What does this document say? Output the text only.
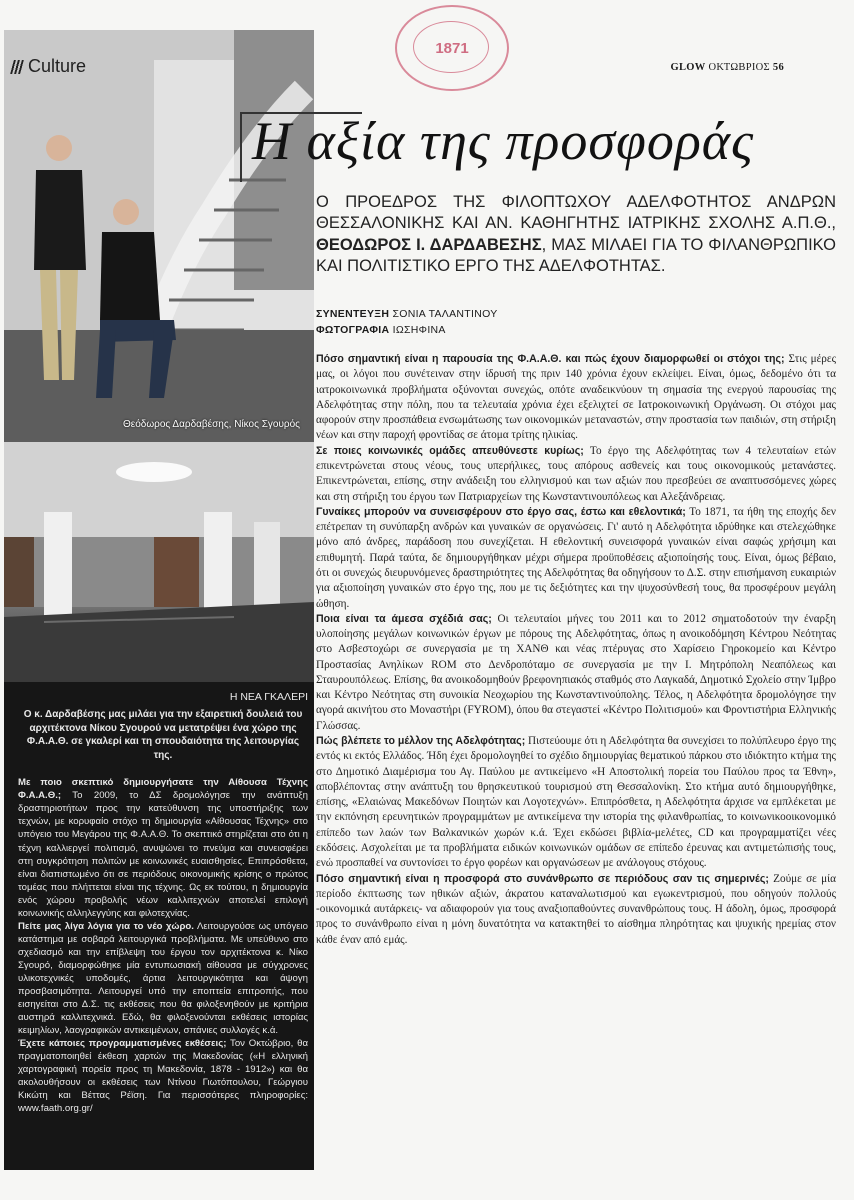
Culture
Θεόδωρος Δαρδαβέσης, Νίκος Σγουρός
Η ΝΕΑ ΓΚΑΛΕΡΙ
Ο κ. Δαρδαβέσης μας μιλάει για την εξαιρετική δουλειά του αρχιτέκτονα Νίκου Σγουρού να μετατρέψει ένα χώρο της Φ.Α.Α.Θ. σε γκαλερί και τη σπουδαιότητα της λειτουργίας της.

Με ποιο σκεπτικό δημιουργήσατε την Αίθουσα Τέχνης Φ.Α.Α.Θ.; Το 2009, το ΔΣ δρομολόγησε την ανάπτυξη δραστηριοτήτων προς την κατεύθυνση της υποστήριξης των τεχνών, με κορυφαίο στόχο τη δημιουργία «Αίθουσας Τέχνης» στο υπόγειο του Μεγάρου της Φ.Α.Α.Θ. Το σκεπτικό στηρίζεται στο ότι η τέχνη καλλιεργεί πολιτισμό, ανυψώνει το πνεύμα και συνεισφέρει στη συγκρότηση πολιτών με κοινωνικές ευαισθησίες. Επιπρόσθετα, είναι διαπιστωμένο ότι σε περιόδους οικονομικής κρίσης ο πρώτος τομέας που πλήττεται είναι της τέχνης. Ως εκ τούτου, η δημιουργία ενός χώρου προβολής νέων καλλιτεχνών αποτελεί επιλογή κοινωνικής αλληλεγγύης και φιλοτεχνίας.

Πείτε μας λίγα λόγια για το νέο χώρο. Λειτουργούσε ως υπόγειο κατάστημα με σοβαρά λειτουργικά προβλήματα. Με υπεύθυνο στο σχεδιασμό και την επίβλεψη του έργου τον αρχιτέκτονα κ. Νίκο Σγουρό, διαμορφώθηκε μία εντυπωσιακή αίθουσα με σύγχρονες υλικοτεχνικές υποδομές, άρτια λειτουργικότητα και άψογη προσβασιμότητα. Λειτουργεί υπό την εποπτεία επιτροπής, που εισηγείται στο Δ.Σ. τις εκθέσεις που θα φιλοξενηθούν με κριτήρια αυστηρά καλλιτεχνικά. Εδώ, θα φιλοξενούνται εκθέσεις ιστορίας κειμηλίων, λαογραφικών αντικειμένων, σπάνιες συλλογές κ.ά.

Έχετε κάποιες προγραμματισμένες εκθέσεις; Τον Οκτώβριο, θα πραγματοποιηθεί έκθεση χαρτών της Μακεδονίας («Η ελληνική χαρτογραφική πορεία προς τη Μακεδονία, 1878 - 1912») και θα ακολουθήσουν οι εκθέσεις των Ντίνου Γιωτόπουλου, Γεώργιου Κικώτη και Βέττας Ρέϊση. Για περισσότερες πληροφορίες: www.faath.org.gr/

1871
GLOW ΟΚΤΩΒΡΙΟΣ 56
Η αξία της προσφοράς
Ο ΠΡΟΕΔΡΟΣ ΤΗΣ ΦΙΛΟΠΤΩΧΟΥ ΑΔΕΛΦΟΤΗΤΟΣ ΑΝΔΡΩΝ ΘΕΣΣΑΛΟΝΙΚΗΣ ΚΑΙ ΑΝ. ΚΑΘΗΓΗΤΗΣ ΙΑΤΡΙΚΗΣ ΣΧΟΛΗΣ Α.Π.Θ., ΘΕΟΔΩΡΟΣ Ι. ΔΑΡΔΑΒΕΣΗΣ, ΜΑΣ ΜΙΛΑΕΙ ΓΙΑ ΤΟ ΦΙΛΑΝΘΡΩΠΙΚΟ ΚΑΙ ΠΟΛΙΤΙΣΤΙΚΟ ΕΡΓΟ ΤΗΣ ΑΔΕΛΦΟΤΗΤΑΣ.
ΣΥΝΕΝΤΕΥΞΗ ΣΟΝΙΑ ΤΑΛΑΝΤΙΝΟΥ
ΦΩΤΟΓΡΑΦΙΑ ΙΩΣΗΦΙΝΑ

Πόσο σημαντική είναι η παρουσία της Φ.Α.Α.Θ. και πώς έχουν διαμορφωθεί οι στόχοι της; Στις μέρες μας, οι λόγοι που συνέτειναν στην ίδρυσή της πριν 140 χρόνια έχουν εκλείψει. Είναι, όμως, δεδομένο ότι τα ιατροκοινωνικά προβλήματα οξύνονται συνεχώς, οπότε αναδεικνύουν τη σημασία της ενεργού παρουσίας της Αδελφότητας στην πόλη, που τα τελευταία χρόνια έχει εξελιχτεί σε Ιατροκοινωνική Οργάνωση. Οι στόχοι μας αφορούν στην προσπάθεια ενσωμάτωσης των οικονομικών μεταναστών, στην προστασία των παιδιών, στη στήριξη νέων και στην παροχή φροντίδας σε άτομα τρίτης ηλικίας.

Σε ποιες κοινωνικές ομάδες απευθύνεστε κυρίως; Το έργο της Αδελφότητας των 4 τελευταίων ετών επικεντρώνεται στους νέους, τους υπερήλικες, τους απόρους ασθενείς και τους οικονομικούς μετανάστες. Επικεντρώνεται, επίσης, στην ανάδειξη του ελληνισμού και των αξιών που πρεσβεύει σε αναπτυσσόμενες χώρες και στη στήριξη του έργου των Πατριαρχείων της Κωνσταντινουπόλεως και Αλεξάνδρειας.

Γυναίκες μπορούν να συνεισφέρουν στο έργο σας, έστω και εθελοντικά; Το 1871, τα ήθη της εποχής δεν επέτρεπαν τη συνύπαρξη ανδρών και γυναικών σε οργανώσεις. Γι' αυτό η Αδελφότητα ιδρύθηκε και στελεχώθηκε μόνο από άνδρες, παράδοση που συνεχίζεται. Η εθελοντική συνεισφορά γυναικών είναι σαφώς χρήσιμη και επιθυμητή. Παρά ταύτα, δε δημιουργήθηκαν μέχρι σήμερα προϋποθέσεις αξιοποίησής τους. Είναι, όμως βέβαιο, ότι οι συνεχώς διευρυνόμενες δραστηριότητες της Αδελφότητας θα οδηγήσουν το Δ.Σ. στην επισήμανση ευκαιριών για αξιοποίηση γυναικών στο έργο της, που με τις δεξιότητες και την ψυχοσύνθεσή τους, θα προσφέρουν μεγάλη ώθηση.

Ποια είναι τα άμεσα σχέδιά σας; Οι τελευταίοι μήνες του 2011 και το 2012 σηματοδοτούν την έναρξη υλοποίησης μεγάλων κοινωνικών έργων με πόρους της Αδελφότητας, όπως η ανοικοδόμηση Κέντρου Νεότητας στο Ασβεστοχώρι σε συνεργασία με τη ΧΑΝΘ και νέας πτέρυγας στο Χαρίσειο Γηροκομείο και Κέντρο Προστασίας Ανηλίκων ROM στο Δενδροπόταμο σε συνεργασία με την Ι. Μητρόπολη Νεαπόλεως και Σταυρουπόλεως. Επίσης, θα ανοικοδομηθούν βρεφονηπιακός σταθμός στο Λαγκαδά, Δημοτικό Σχολείο στην Ίμβρο και Κέντρο Νεότητας στη συνοικία Νεοχωρίου της Κωνσταντινούπολης. Τέλος, η Αδελφότητα δρομολόγησε την αγορά ακινήτου στο Μοναστήρι (FYROM), όπου θα στεγαστεί «Κέντρο Πολιτισμού» και Φροντιστήρια Ελληνικής Γλώσσας.

Πώς βλέπετε το μέλλον της Αδελφότητας; Πιστεύουμε ότι η Αδελφότητα θα συνεχίσει το πολύπλευρο έργο της εντός κι εκτός Ελλάδος. Ήδη έχει δρομολογηθεί το σχέδιο δημιουργίας θεματικού πάρκου στο ιδιόκτητο κτήμα της στο Δημοτικό Διαμέρισμα του Αγ. Παύλου με αντικείμενο «Η Αποστολική πορεία του Παύλου προς τα Έθνη», αποβλέποντας στην ανάπτυξη του θρησκευτικού τουρισμού στη Θεσσαλονίκη. Στο κτήμα αυτό δημιουργήθηκε, επίσης, «Ελαιώνας Μακεδόνων Ποιητών και Λογοτεχνών». Επιπρόσθετα, η Αδελφότητα άρχισε να εμπλέκεται με την εκπόνηση ερευνητικών προγραμμάτων με αντικείμενα την ιστορία της φιλανθρωπίας, το κοινωνικοοικονομικό επίπεδο των λαών των Βαλκανικών χωρών κ.ά. Έχει εκδώσει βιβλία-μελέτες, CD και προγραμματίζει νέες εκδόσεις. Ασχολείται με τα προβλήματα ειδικών κοινωνικών ομάδων σε επίπεδο έρευνας και αντιμετώπισής τους, ενώ προσπαθεί να συντονίσει το έργο φορέων και οργανώσεων με ανάλογους στόχους.

Πόσο σημαντική είναι η προσφορά στο συνάνθρωπο σε περιόδους σαν τις σημερινές; Ζούμε σε μία περίοδο έκπτωσης των ηθικών αξιών, άκρατου καταναλωτισμού και εγωκεντρισμού, που οδηγούν πολλούς -οικονομικά αυτάρκεις- να αδιαφορούν για τους αναξιοπαθούντες συνανθρώπους τους. Η άδολη, όμως, προσφορά προς το συνάνθρωπο είναι η μόνη δυνατότητα να κατακτηθεί το αίσθημα πληρότητας και ψυχικής ηρεμίας στον κάθε έναν από εμάς.
